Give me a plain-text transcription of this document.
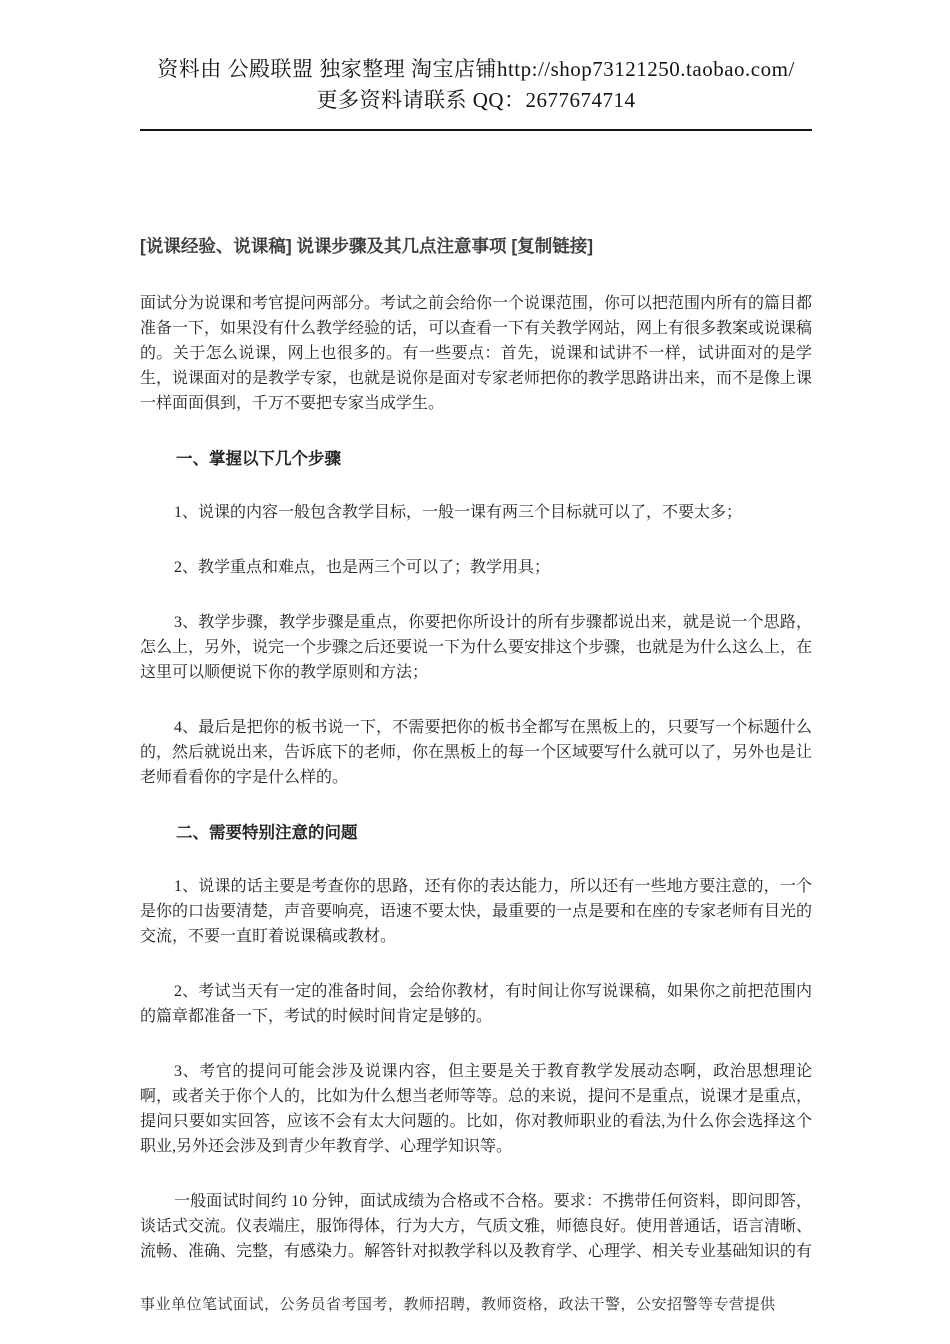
资料由 公殿联盟 独家整理 淘宝店铺http://shop73121250.taobao.com/
更多资料请联系 QQ：2677674714
[说课经验、说课稿] 说课步骤及其几点注意事项 [复制链接]

面试分为说课和考官提问两部分。考试之前会给你一个说课范围，你可以把范围内所有的篇目都准备一下，如果没有什么教学经验的话，可以查看一下有关教学网站，网上有很多教案或说课稿的。关于怎么说课，网上也很多的。有一些要点：首先，说课和试讲不一样，试讲面对的是学生，说课面对的是教学专家，也就是说你是面对专家老师把你的教学思路讲出来，而不是像上课一样面面俱到，千万不要把专家当成学生。

一、掌握以下几个步骤

1、说课的内容一般包含教学目标，一般一课有两三个目标就可以了，不要太多；

2、教学重点和难点，也是两三个可以了；教学用具；

3、教学步骤，教学步骤是重点，你要把你所设计的所有步骤都说出来，就是说一个思路，怎么上，另外，说完一个步骤之后还要说一下为什么要安排这个步骤，也就是为什么这么上，在这里可以顺便说下你的教学原则和方法；

4、最后是把你的板书说一下，不需要把你的板书全都写在黑板上的，只要写一个标题什么的，然后就说出来，告诉底下的老师，你在黑板上的每一个区域要写什么就可以了，另外也是让老师看看你的字是什么样的。

二、需要特别注意的问题

1、说课的话主要是考查你的思路，还有你的表达能力，所以还有一些地方要注意的，一个是你的口齿要清楚，声音要响亮，语速不要太快，最重要的一点是要和在座的专家老师有目光的交流，不要一直盯着说课稿或教材。

2、考试当天有一定的准备时间，会给你教材，有时间让你写说课稿，如果你之前把范围内的篇章都准备一下，考试的时候时间肯定是够的。

3、考官的提问可能会涉及说课内容，但主要是关于教育教学发展动态啊，政治思想理论啊，或者关于你个人的，比如为什么想当老师等等。总的来说，提问不是重点，说课才是重点，提问只要如实回答，应该不会有太大问题的。比如，你对教师职业的看法,为什么你会选择这个职业,另外还会涉及到青少年教育学、心理学知识等。

一般面试时间约 10 分钟，面试成绩为合格或不合格。要求：不携带任何资料，即问即答，谈话式交流。仪表端庄，服饰得体，行为大方，气质文雅，师德良好。使用普通话，语言清晰、流畅、准确、完整，有感染力。解答针对拟教学科以及教育学、心理学、相关专业基础知识的有

事业单位笔试面试，公务员省考国考，教师招聘，教师资格，政法干警，公安招警等专营提供
